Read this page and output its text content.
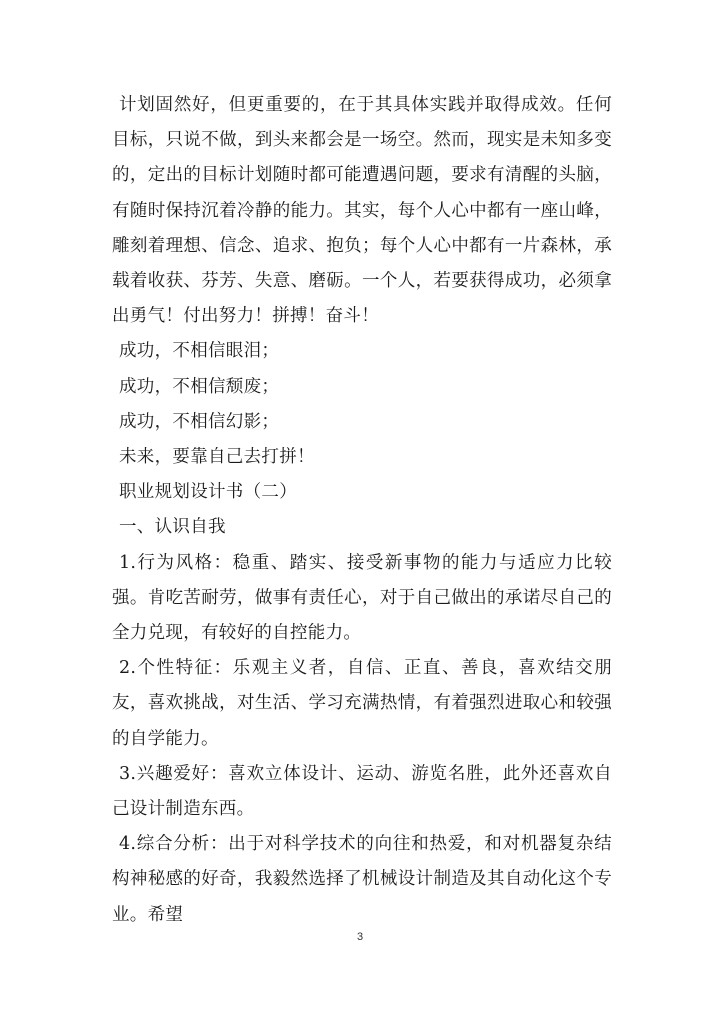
计划固然好，但更重要的，在于其具体实践并取得成效。任何目标，只说不做，到头来都会是一场空。然而，现实是未知多变的，定出的目标计划随时都可能遭遇问题，要求有清醒的头脑，有随时保持沉着冷静的能力。其实，每个人心中都有一座山峰，雕刻着理想、信念、追求、抱负；每个人心中都有一片森林，承载着收获、芬芳、失意、磨砺。一个人，若要获得成功，必须拿出勇气！付出努力！拼搏！奋斗！

成功，不相信眼泪；

成功，不相信颓废；

成功，不相信幻影；

未来，要靠自己去打拼！

职业规划设计书（二）

一、认识自我

1.行为风格：稳重、踏实、接受新事物的能力与适应力比较强。肯吃苦耐劳，做事有责任心，对于自己做出的承诺尽自己的全力兑现，有较好的自控能力。

2.个性特征：乐观主义者，自信、正直、善良，喜欢结交朋友，喜欢挑战，对生活、学习充满热情，有着强烈进取心和较强的自学能力。

3.兴趣爱好：喜欢立体设计、运动、游览名胜，此外还喜欢自己设计制造东西。

4.综合分析：出于对科学技术的向往和热爱，和对机器复杂结构神秘感的好奇，我毅然选择了机械设计制造及其自动化这个专业。希望

3
